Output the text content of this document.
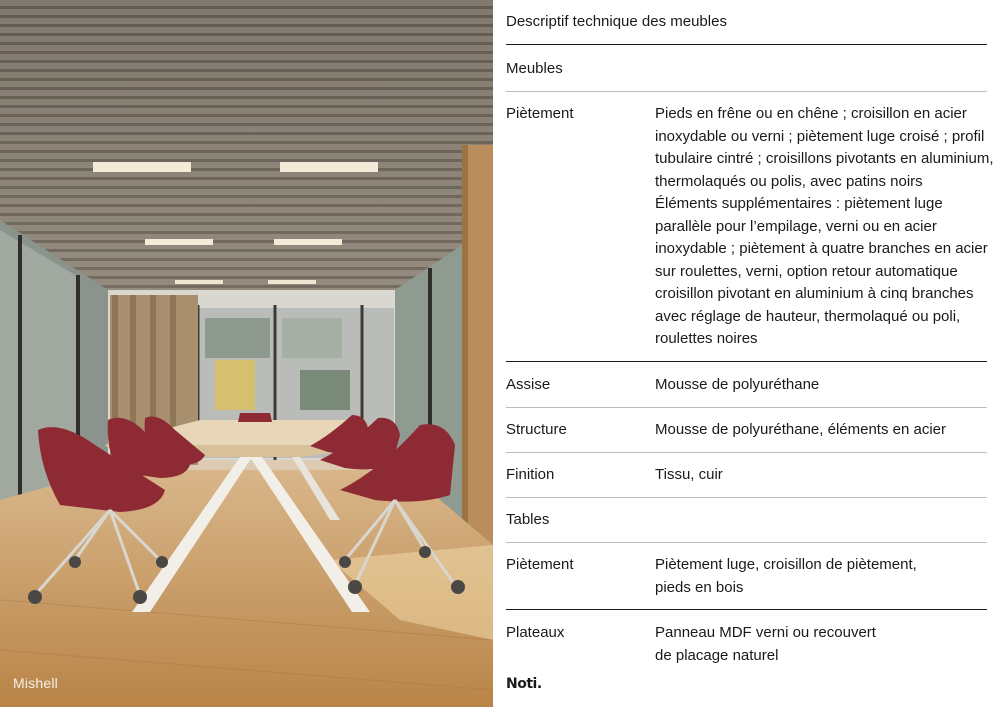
Mishell
Descriptif technique des meubles
Meubles
Piètement	Pieds en frêne ou en chêne ; croisillon en acier
inoxydable ou verni ; piètement luge croisé ; profil
tubulaire cintré ; croisillons pivotants en aluminium,
thermolaqués ou polis, avec patins noirs
Éléments supplémentaires : piètement luge
parallèle pour l’empilage, verni ou en acier
inoxydable ; piètement à quatre branches en acier
sur roulettes, verni, option retour automatique
croisillon pivotant en aluminium à cinq branches
avec réglage de hauteur, thermolaqué ou poli,
roulettes noires
Assise	Mousse de polyuréthane
Structure	Mousse de polyuréthane, éléments en acier
Finition	Tissu, cuir
Tables
Piètement	Piètement luge, croisillon de piètement,
pieds en bois
Plateaux	Panneau MDF verni ou recouvert
de placage naturel
Noti.
